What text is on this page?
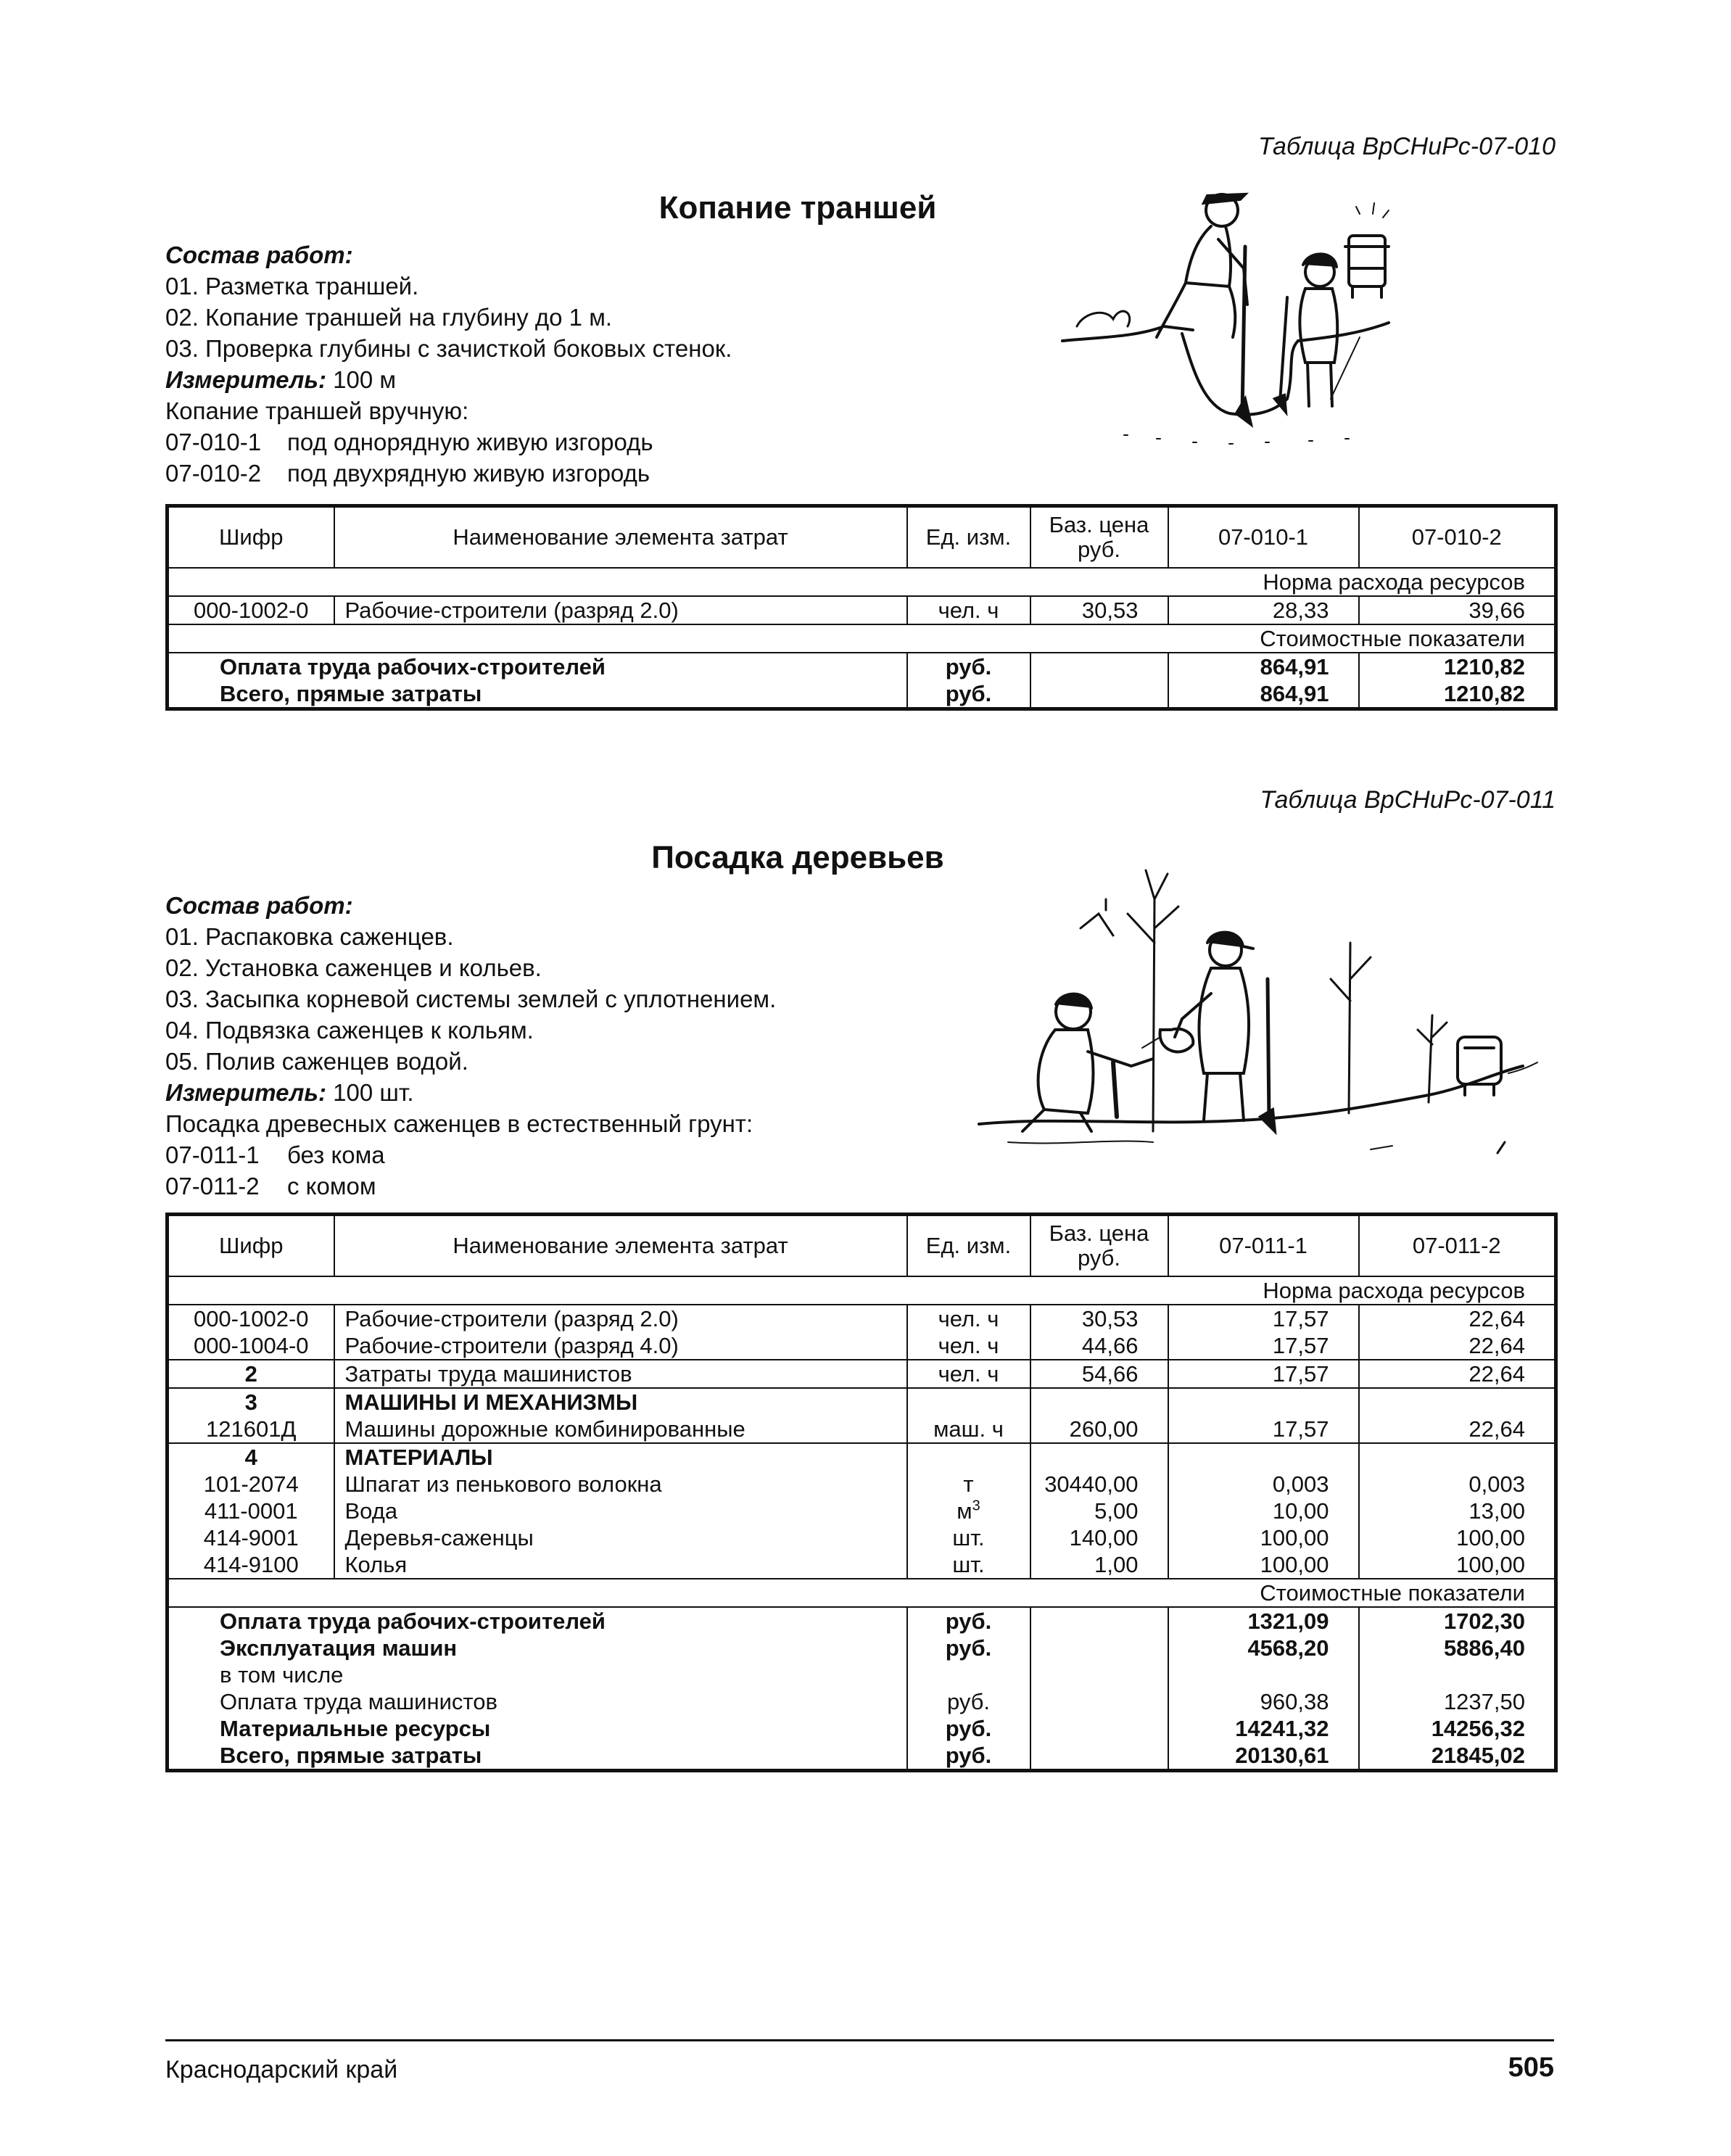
Таблица ВрСНиРс-07-010
Копание траншей
Состав работ:
01. Разметка траншей.
02. Копание траншей на глубину до 1 м.
03. Проверка глубины с зачисткой боковых стенок.
Измеритель: 100 м
Копание траншей вручную:
07-010-1 под однорядную живую изгородь
07-010-2 под двухрядную живую изгородь
Шифр	Наименование элемента затрат	Ед. изм.	Баз. цена руб.	07-010-1	07-010-2
Норма расхода ресурсов					
000-1002-0	Рабочие-строители (разряд 2.0)	чел. ч	30,53	28,33	39,66
Стоимостные показатели					
Оплата труда рабочих-строителей		руб.		864,91	1210,82
Всего, прямые затраты		руб.		864,91	1210,82
Таблица ВрСНиРс-07-011
Посадка деревьев
Состав работ:
01. Распаковка саженцев.
02. Установка саженцев и кольев.
03. Засыпка корневой системы землей с уплотнением.
04. Подвязка саженцев к кольям.
05. Полив саженцев водой.
Измеритель: 100 шт.
Посадка древесных саженцев в естественный грунт:
07-011-1 без кома
07-011-2 с комом
Шифр	Наименование элемента затрат	Ед. изм.	Баз. цена руб.	07-011-1	07-011-2
Норма расхода ресурсов					
000-1002-0	Рабочие-строители (разряд 2.0)	чел. ч	30,53	17,57	22,64
000-1004-0	Рабочие-строители (разряд 4.0)	чел. ч	44,66	17,57	22,64
2	Затраты труда машинистов	чел. ч	54,66	17,57	22,64
3	МАШИНЫ И МЕХАНИЗМЫ				
121601Д	Машины дорожные комбинированные	маш. ч	260,00	17,57	22,64
4	МАТЕРИАЛЫ				
101-2074	Шпагат из пенькового волокна	т	30440,00	0,003	0,003
411-0001	Вода	$м^3$	5,00	10,00	13,00
414-9001	Деревья-саженцы	шт.	140,00	100,00	100,00
414-9100	Колья	шт.	1,00	100,00	100,00
Стоимостные показатели					
Оплата труда рабочих-строителей		руб.		1321,09	1702,30
Эксплуатация машин		руб.		4568,20	5886,40
в том числе					
Оплата труда машинистов		руб.		960,38	1237,50
Материальные ресурсы		руб.		14241,32	14256,32
Всего, прямые затраты		руб.		20130,61	21845,02
Краснодарский край	505
